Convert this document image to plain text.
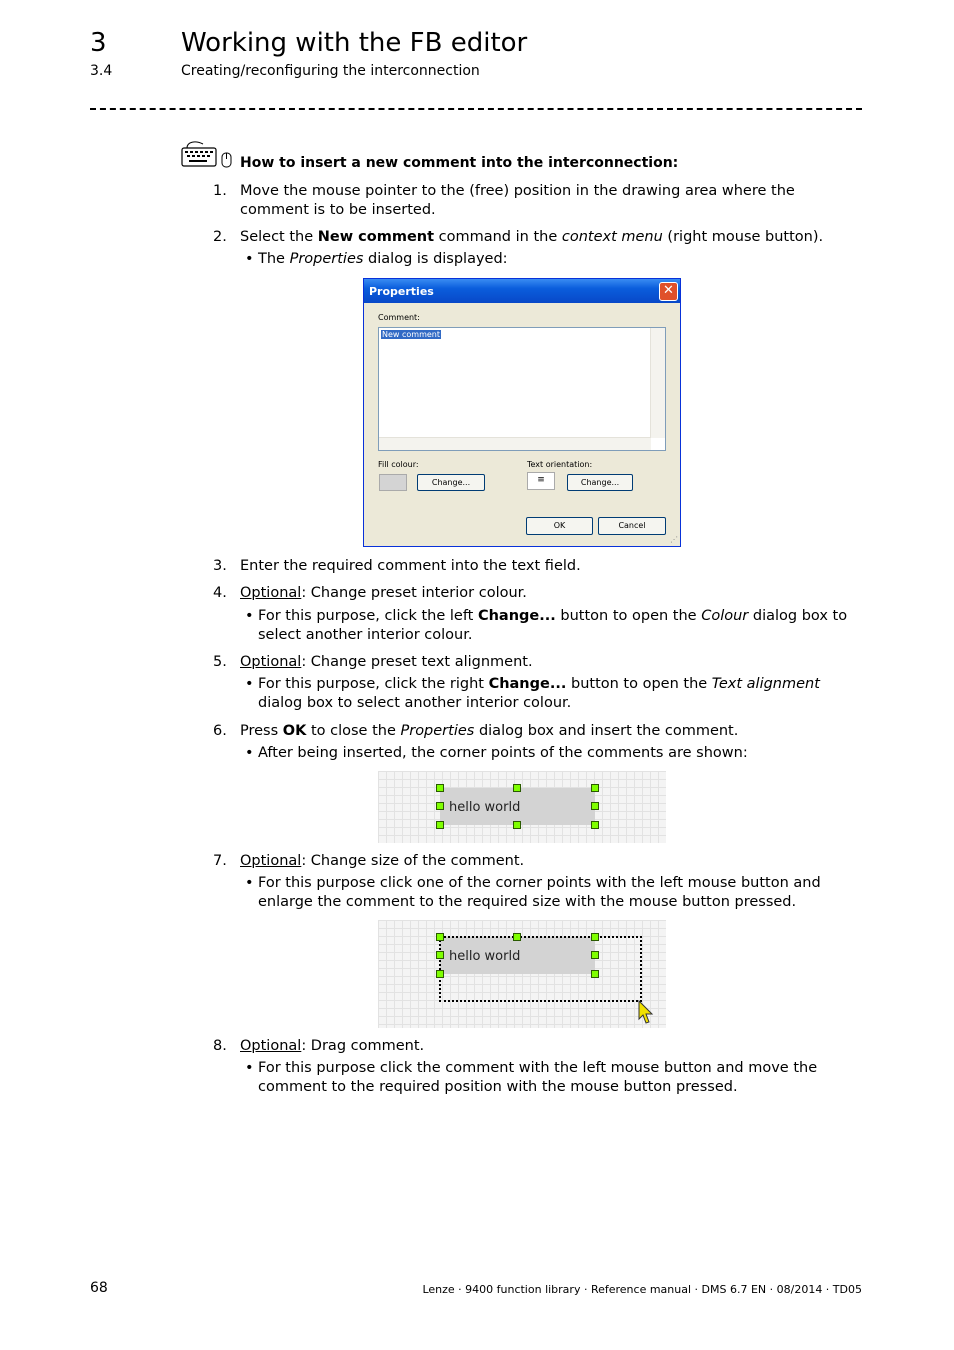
3	Working with the FB editor
3.4	Creating/reconfiguring the interconnection
How to insert a new comment into the interconnection:
1. Move the mouse pointer to the (free) position in the drawing area where the comment is to be inserted.
2. Select the New comment command in the context menu (right mouse button).
• The Properties dialog is displayed:
Properties	✕
Comment:
New comment
Fill colour:	Text orientation:
Change...	≡	Change...
OK	Cancel
⋰
3. Enter the required comment into the text field.
4. Optional: Change preset interior colour.
• For this purpose, click the left Change... button to open the Colour dialog box to select another interior colour.
5. Optional: Change preset text alignment.
• For this purpose, click the right Change... button to open the Text alignment dialog box to select another interior colour.
6. Press OK to close the Properties dialog box and insert the comment.
• After being inserted, the corner points of the comments are shown:
hello world
7. Optional: Change size of the comment.
• For this purpose click one of the corner points with the left mouse button and enlarge the comment to the required size with the mouse button pressed.
hello world
8. Optional: Drag comment.
• For this purpose click the comment with the left mouse button and move the comment to the required position with the mouse button pressed.
68	Lenze · 9400 function library · Reference manual · DMS 6.7 EN · 08/2014 · TD05
